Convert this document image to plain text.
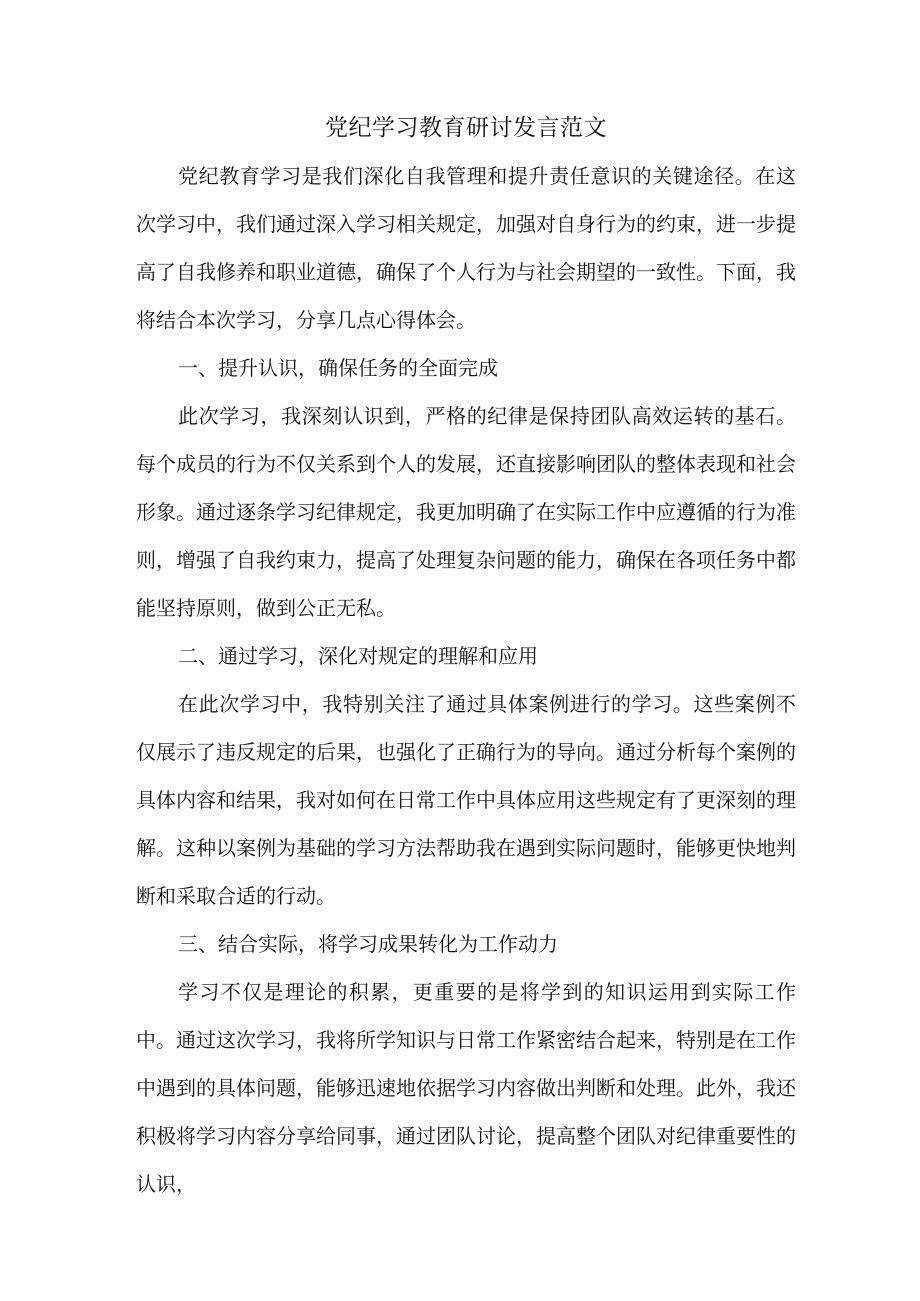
党纪学习教育研讨发言范文

党纪教育学习是我们深化自我管理和提升责任意识的关键途径。在这次学习中，我们通过深入学习相关规定，加强对自身行为的约束，进一步提高了自我修养和职业道德，确保了个人行为与社会期望的一致性。下面，我将结合本次学习，分享几点心得体会。

一、提升认识，确保任务的全面完成

此次学习，我深刻认识到，严格的纪律是保持团队高效运转的基石。每个成员的行为不仅关系到个人的发展，还直接影响团队的整体表现和社会形象。通过逐条学习纪律规定，我更加明确了在实际工作中应遵循的行为准则，增强了自我约束力，提高了处理复杂问题的能力，确保在各项任务中都能坚持原则，做到公正无私。

二、通过学习，深化对规定的理解和应用

在此次学习中，我特别关注了通过具体案例进行的学习。这些案例不仅展示了违反规定的后果，也强化了正确行为的导向。通过分析每个案例的具体内容和结果，我对如何在日常工作中具体应用这些规定有了更深刻的理解。这种以案例为基础的学习方法帮助我在遇到实际问题时，能够更快地判断和采取合适的行动。

三、结合实际，将学习成果转化为工作动力

学习不仅是理论的积累，更重要的是将学到的知识运用到实际工作中。通过这次学习，我将所学知识与日常工作紧密结合起来，特别是在工作中遇到的具体问题，能够迅速地依据学习内容做出判断和处理。此外，我还积极将学习内容分享给同事，通过团队讨论，提高整个团队对纪律重要性的认识，
